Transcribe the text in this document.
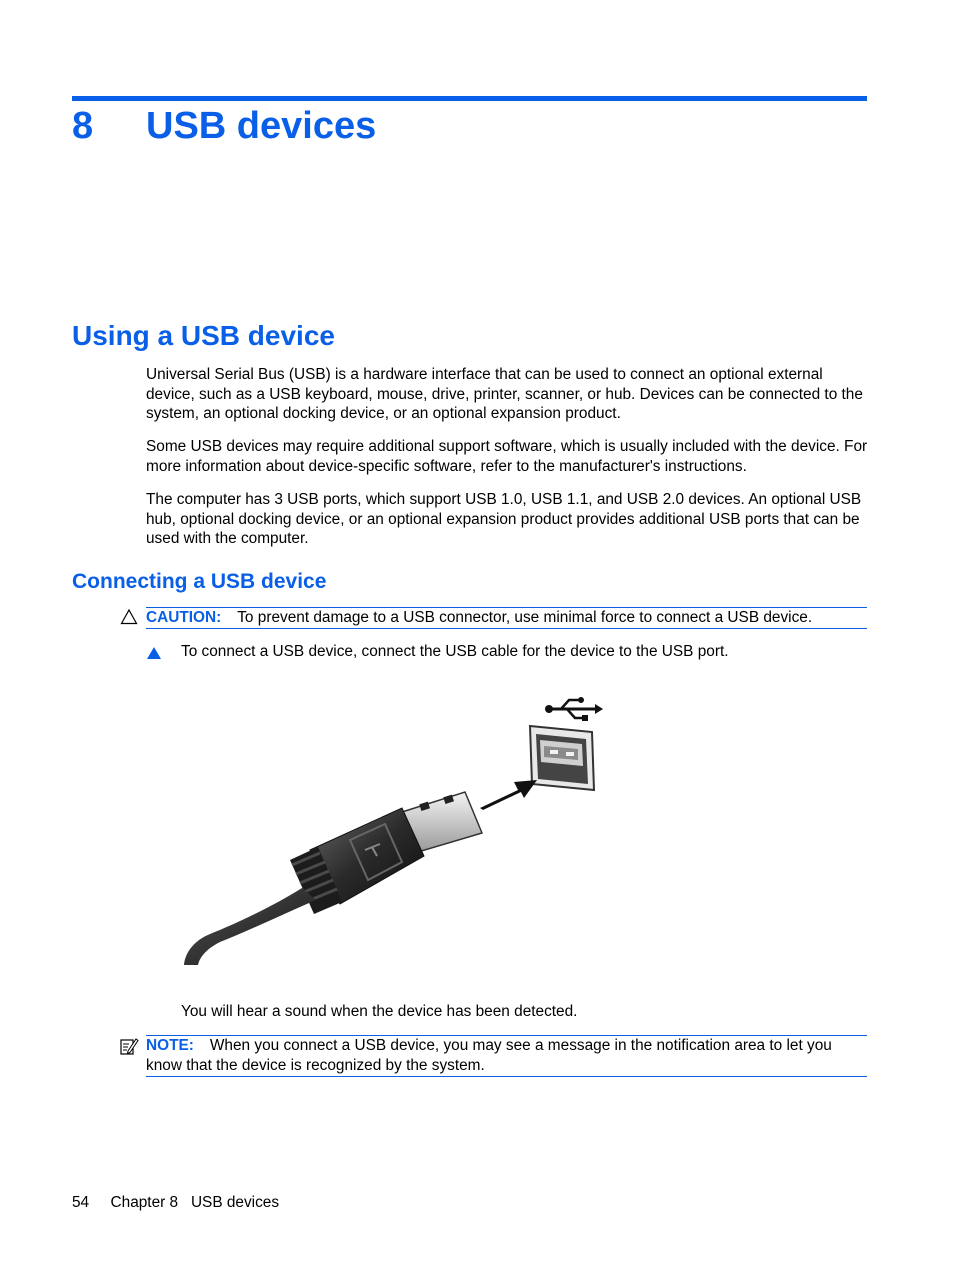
8 USB devices
Using a USB device

Universal Serial Bus (USB) is a hardware interface that can be used to connect an optional external device, such as a USB keyboard, mouse, drive, printer, scanner, or hub. Devices can be connected to the system, an optional docking device, or an optional expansion product.

Some USB devices may require additional support software, which is usually included with the device. For more information about device-specific software, refer to the manufacturer's instructions.

The computer has 3 USB ports, which support USB 1.0, USB 1.1, and USB 2.0 devices. An optional USB hub, optional docking device, or an optional expansion product provides additional USB ports that can be used with the computer.

Connecting a USB device
CAUTION: To prevent damage to a USB connector, use minimal force to connect a USB device.
To connect a USB device, connect the USB cable for the device to the USB port.
You will hear a sound when the device has been detected.
NOTE: When you connect a USB device, you may see a message in the notification area to let you know that the device is recognized by the system.
54 Chapter 8 USB devices
